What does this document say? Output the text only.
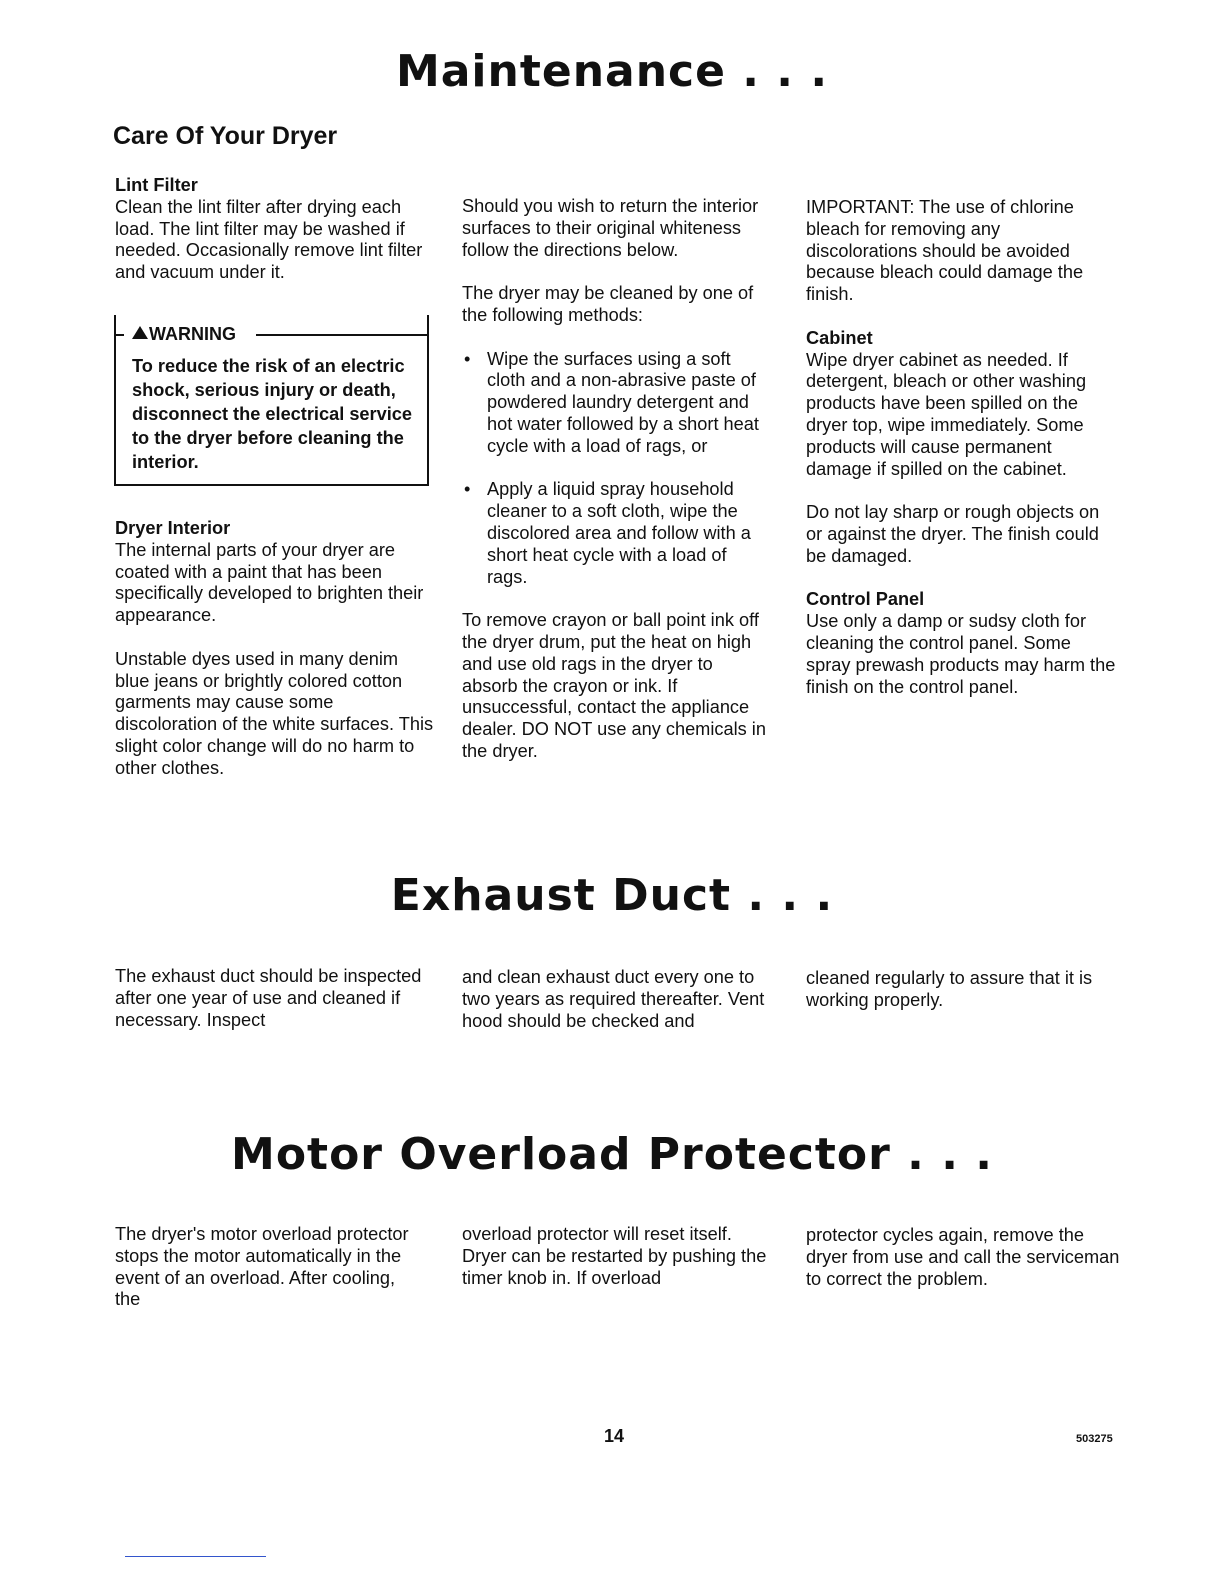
Maintenance . . .
Care Of Your Dryer
Lint Filter

Clean the lint filter after drying each load. The lint filter may be washed if needed. Occasionally remove lint filter and vacuum under it.

WARNING
To reduce the risk of an electric shock, serious injury or death, disconnect the electrical service to the dryer before cleaning the interior.
Dryer Interior

The internal parts of your dryer are coated with a paint that has been specifically developed to brighten their appearance.

Unstable dyes used in many denim blue jeans or brightly colored cotton garments may cause some discoloration of the white surfaces. This slight color change will do no harm to other clothes.

Should you wish to return the interior surfaces to their original whiteness follow the directions below.

The dryer may be cleaned by one of the following methods:

• Wipe the surfaces using a soft cloth and a non-abrasive paste of powdered laundry detergent and hot water followed by a short heat cycle with a load of rags, or
• Apply a liquid spray household cleaner to a soft cloth, wipe the discolored area and follow with a short heat cycle with a load of rags.

To remove crayon or ball point ink off the dryer drum, put the heat on high and use old rags in the dryer to absorb the crayon or ink. If unsuccessful, contact the appliance dealer. DO NOT use any chemicals in the dryer.

IMPORTANT: The use of chlorine bleach for removing any discolorations should be avoided because bleach could damage the finish.

Cabinet

Wipe dryer cabinet as needed. If detergent, bleach or other washing products have been spilled on the dryer top, wipe immediately. Some products will cause permanent damage if spilled on the cabinet.

Do not lay sharp or rough objects on or against the dryer. The finish could be damaged.

Control Panel

Use only a damp or sudsy cloth for cleaning the control panel. Some spray prewash products may harm the finish on the control panel.

Exhaust Duct . . .
The exhaust duct should be inspected after one year of use and cleaned if necessary. Inspect
and clean exhaust duct every one to two years as required thereafter. Vent hood should be checked and
cleaned regularly to assure that it is working properly.
Motor Overload Protector . . .
The dryer's motor overload protector stops the motor automatically in the event of an overload. After cooling, the
overload protector will reset itself. Dryer can be restarted by pushing the timer knob in. If overload
protector cycles again, remove the dryer from use and call the serviceman to correct the problem.
14	503275
